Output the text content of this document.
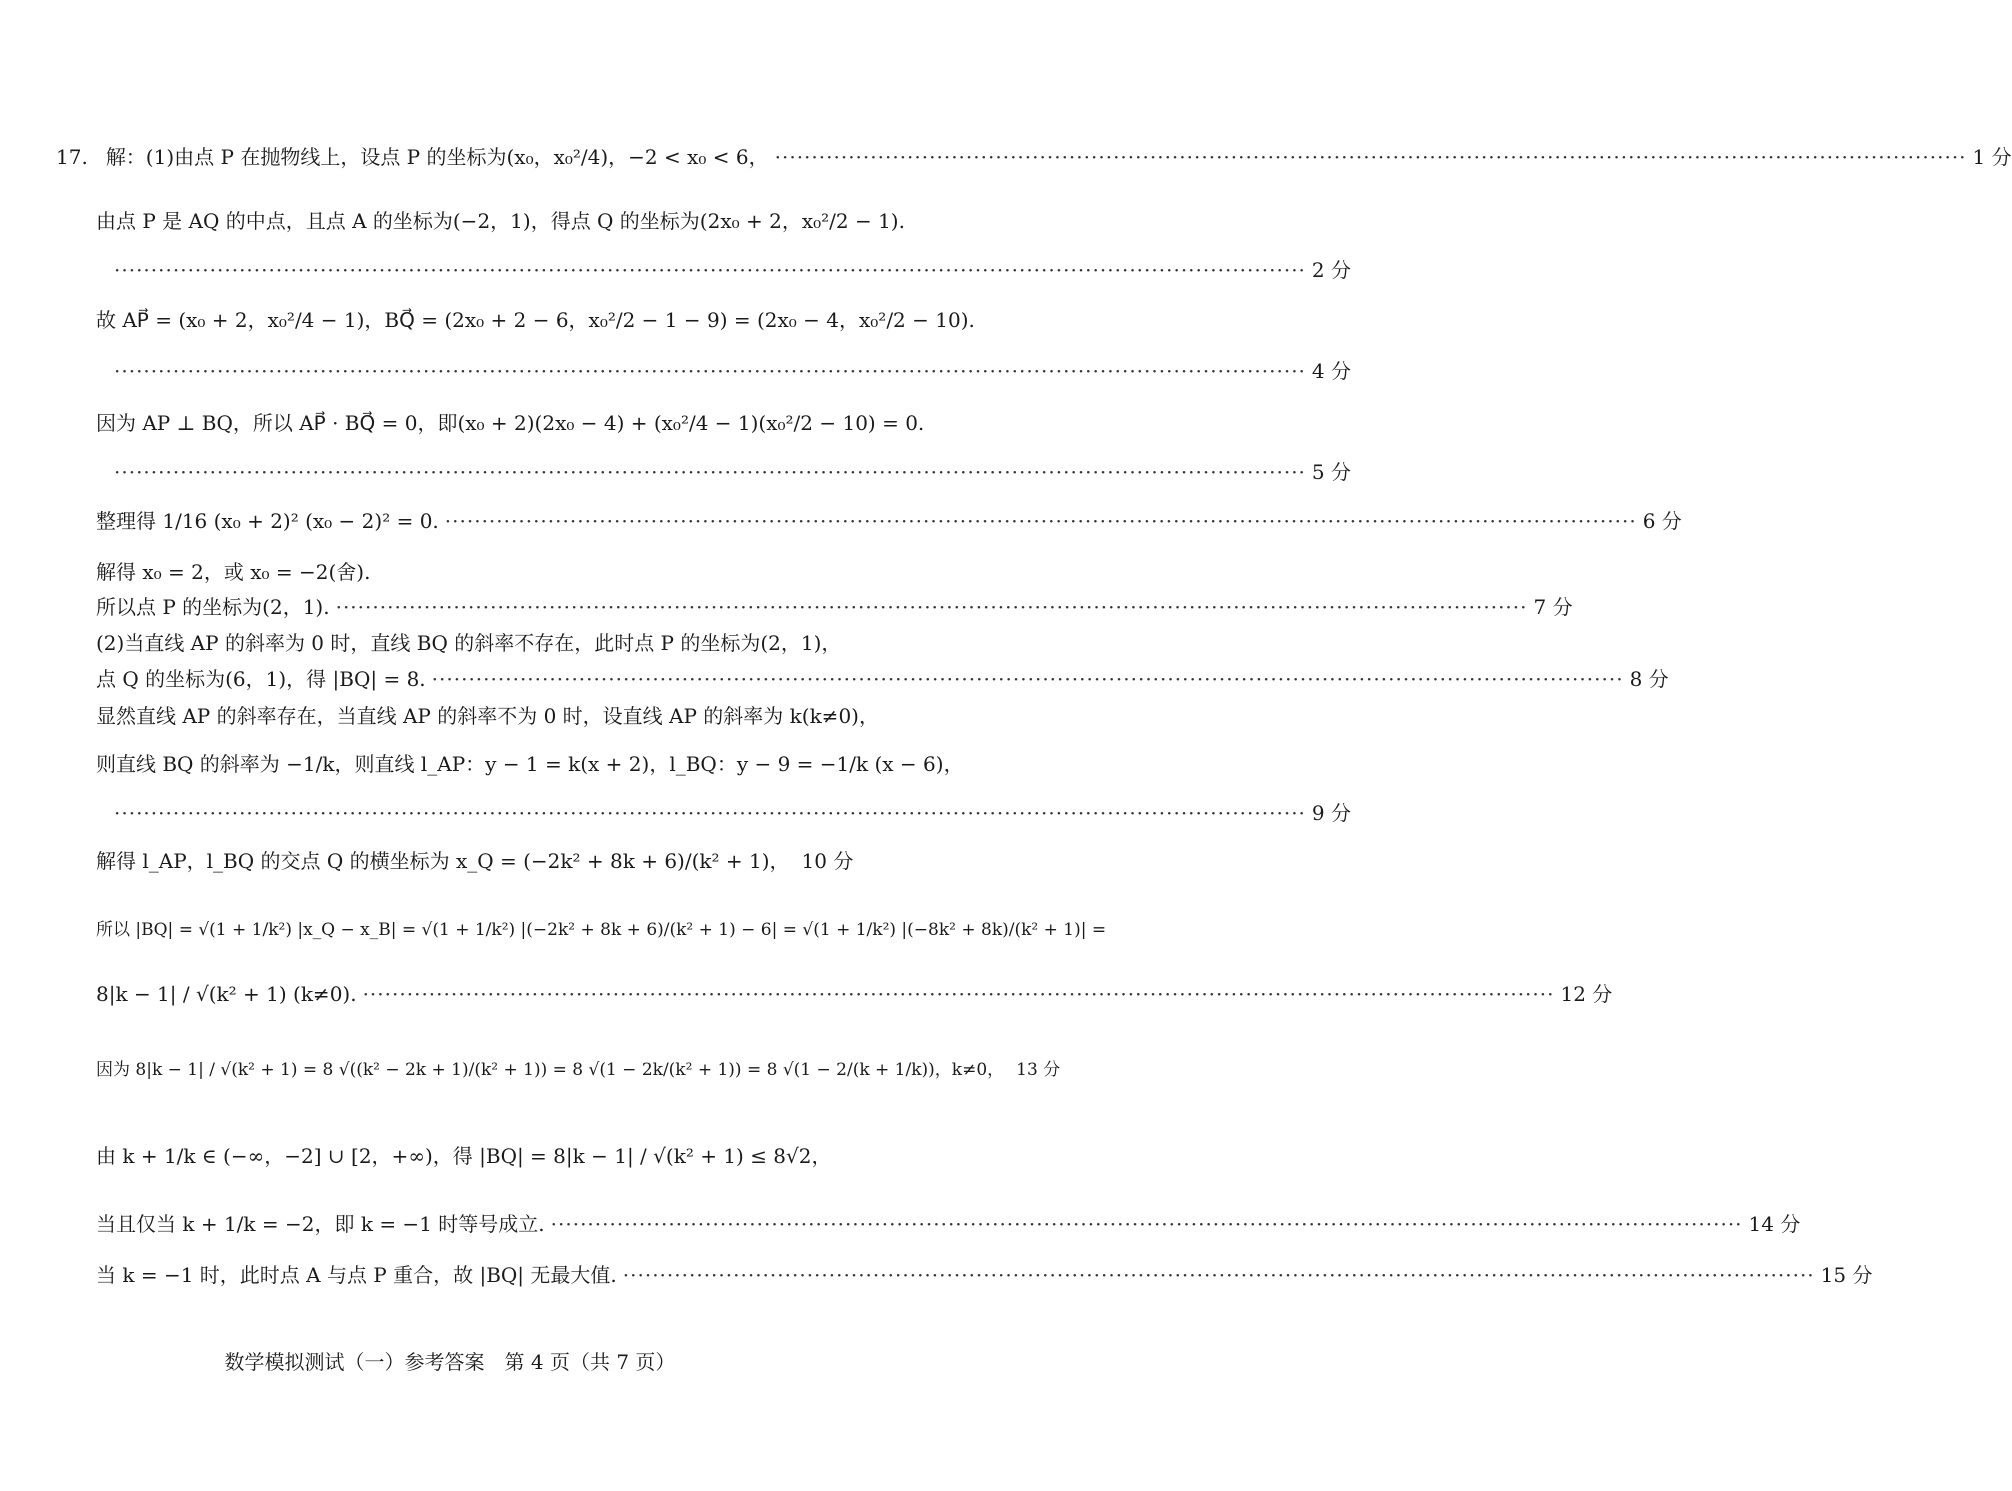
17. 解：(1)由点 P 在抛物线上，设点 P 的坐标为(x₀，x₀²/4)，−2 < x₀ < 6， ·····	1 分
由点 P 是 AQ 的中点，且点 A 的坐标为(−2，1)，得点 Q 的坐标为(2x₀ + 2，x₀²/2 − 1).
·····
2 分
故 AP⃗ = (x₀ + 2，x₀²/4 − 1)，BQ⃗ = (2x₀ + 2 − 6，x₀²/2 − 1 − 9) = (2x₀ − 4，x₀²/2 − 10).
·····
4 分
因为 AP ⊥ BQ，所以 AP⃗ · BQ⃗ = 0，即(x₀ + 2)(2x₀ − 4) + (x₀²/4 − 1)(x₀²/2 − 10) = 0.
·····
5 分
整理得 1/16 (x₀ + 2)² (x₀ − 2)² = 0. ·····	6 分
解得 x₀ = 2，或 x₀ = −2(舍).
所以点 P 的坐标为(2，1). ·····	7 分
(2)当直线 AP 的斜率为 0 时，直线 BQ 的斜率不存在，此时点 P 的坐标为(2，1)，
点 Q 的坐标为(6，1)，得 |BQ| = 8. ·····	8 分
显然直线 AP 的斜率存在，当直线 AP 的斜率不为 0 时，设直线 AP 的斜率为 k(k≠0)，
则直线 BQ 的斜率为 −1/k，则直线 l_AP：y − 1 = k(x + 2)，l_BQ：y − 9 = −1/k (x − 6)，
·····
9 分
解得 l_AP，l_BQ 的交点 Q 的横坐标为 x_Q = (−2k² + 8k + 6)/(k² + 1)， 10 分
所以 |BQ| = √(1 + 1/k²) |x_Q − x_B| = √(1 + 1/k²) |(−2k² + 8k + 6)/(k² + 1) − 6| = √(1 + 1/k²) |(−8k² + 8k)/(k² + 1)| =
8|k − 1| / √(k² + 1) (k≠0). ·····	12 分
因为 8|k − 1| / √(k² + 1) = 8 √((k² − 2k + 1)/(k² + 1)) = 8 √(1 − 2k/(k² + 1)) = 8 √(1 − 2/(k + 1/k))，k≠0， 13 分
由 k + 1/k ∈ (−∞，−2] ∪ [2，+∞)，得 |BQ| = 8|k − 1| / √(k² + 1) ≤ 8√2，
当且仅当 k + 1/k = −2，即 k = −1 时等号成立. ·····	14 分
当 k = −1 时，此时点 A 与点 P 重合，故 |BQ| 无最大值. ·····	15 分
数学模拟测试（一）参考答案　第 4 页（共 7 页）
